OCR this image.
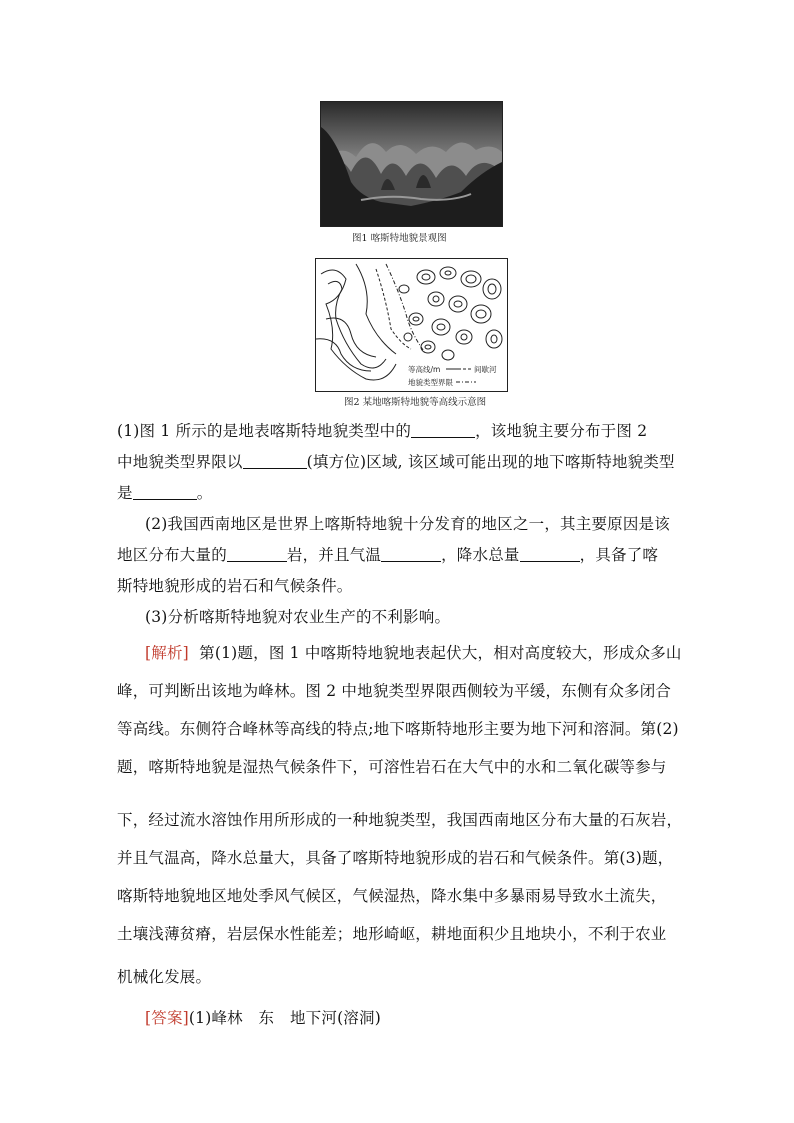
图1 喀斯特地貌景观图
等高线/m	间歇河
地貌类型界限
图2 某地喀斯特地貌等高线示意图
(1)图 1 所示的是地表喀斯特地貌类型中的	，该地貌主要分布于图 2
中地貌类型界限以	(填方位)区域, 该区域可能出现的地下喀斯特地貌类型
是	。
(2)我国西南地区是世界上喀斯特地貌十分发育的地区之一，其主要原因是该
地区分布大量的	岩，并且气温	，降水总量	，具备了喀
斯特地貌形成的岩石和气候条件。
(3)分析喀斯特地貌对农业生产的不利影响。
[解析]  第(1)题，图 1 中喀斯特地貌地表起伏大，相对高度较大，形成众多山
峰，可判断出该地为峰林。图 2 中地貌类型界限西侧较为平缓，东侧有众多闭合
等高线。东侧符合峰林等高线的特点;地下喀斯特地形主要为地下河和溶洞。第(2)
题，喀斯特地貌是湿热气候条件下，可溶性岩石在大气中的水和二氧化碳等参与
下，经过流水溶蚀作用所形成的一种地貌类型，我国西南地区分布大量的石灰岩，
并且气温高，降水总量大，具备了喀斯特地貌形成的岩石和气候条件。第(3)题，
喀斯特地貌地区地处季风气候区，气候湿热，降水集中多暴雨易导致水土流失，
土壤浅薄贫瘠，岩层保水性能差；地形崎岖，耕地面积少且地块小，不利于农业
机械化发展。
[答案](1)峰林　东　地下河(溶洞)
